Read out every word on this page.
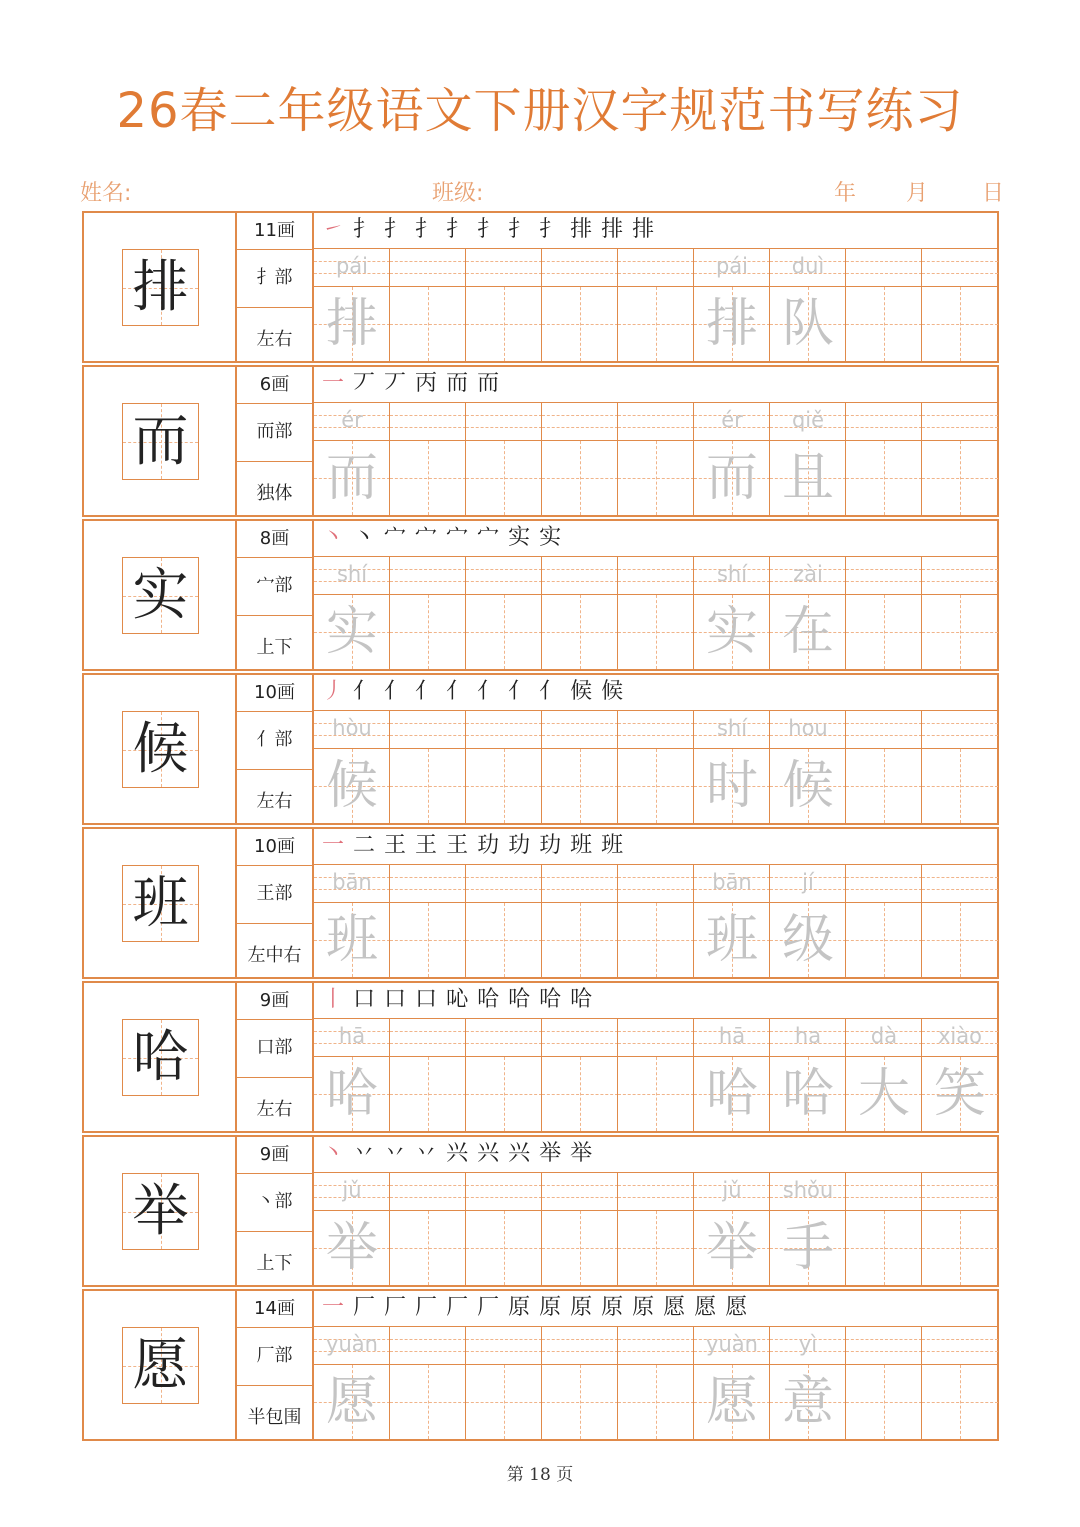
26春二年级语文下册汉字规范书写练习
姓名:	班级:	年 月 日
排
11画
扌部
左右
㇀ 扌 扌 扌 扌 扌 扌 扌 排 排 排
pái
排
pái
排
duì
队
而
6画
而部
独体
一 丆 丆 丙 而 而
ér
而
ér
而
qiě
且
实
8画
宀部
上下
丶 丶 宀 宀 宀 宀 实 实
shí
实
shí
实
zài
在
候
10画
亻部
左右
丿 亻 亻 亻 亻 亻 亻 亻 候 候
hòu
候
shí
时
hou
候
班
10画
王部
左中右
一 二 王 王 王 玏 玏 玏 班 班
bān
班
bān
班
jí
级
哈
9画
口部
左右
丨 口 口 口 吣 哈 哈 哈 哈
hā
哈
hā
哈
ha
哈
dà
大
xiào
笑
举
9画
丶部
上下
丶 丷 丷 丷 兴 兴 兴 举 举
jǔ
举
jǔ
举
shǒu
手
愿
14画
厂部
半包围
一 厂 厂 厂 厂 厂 原 原 原 原 原 愿 愿 愿
yuàn
愿
yuàn
愿
yì
意
第 18 页
